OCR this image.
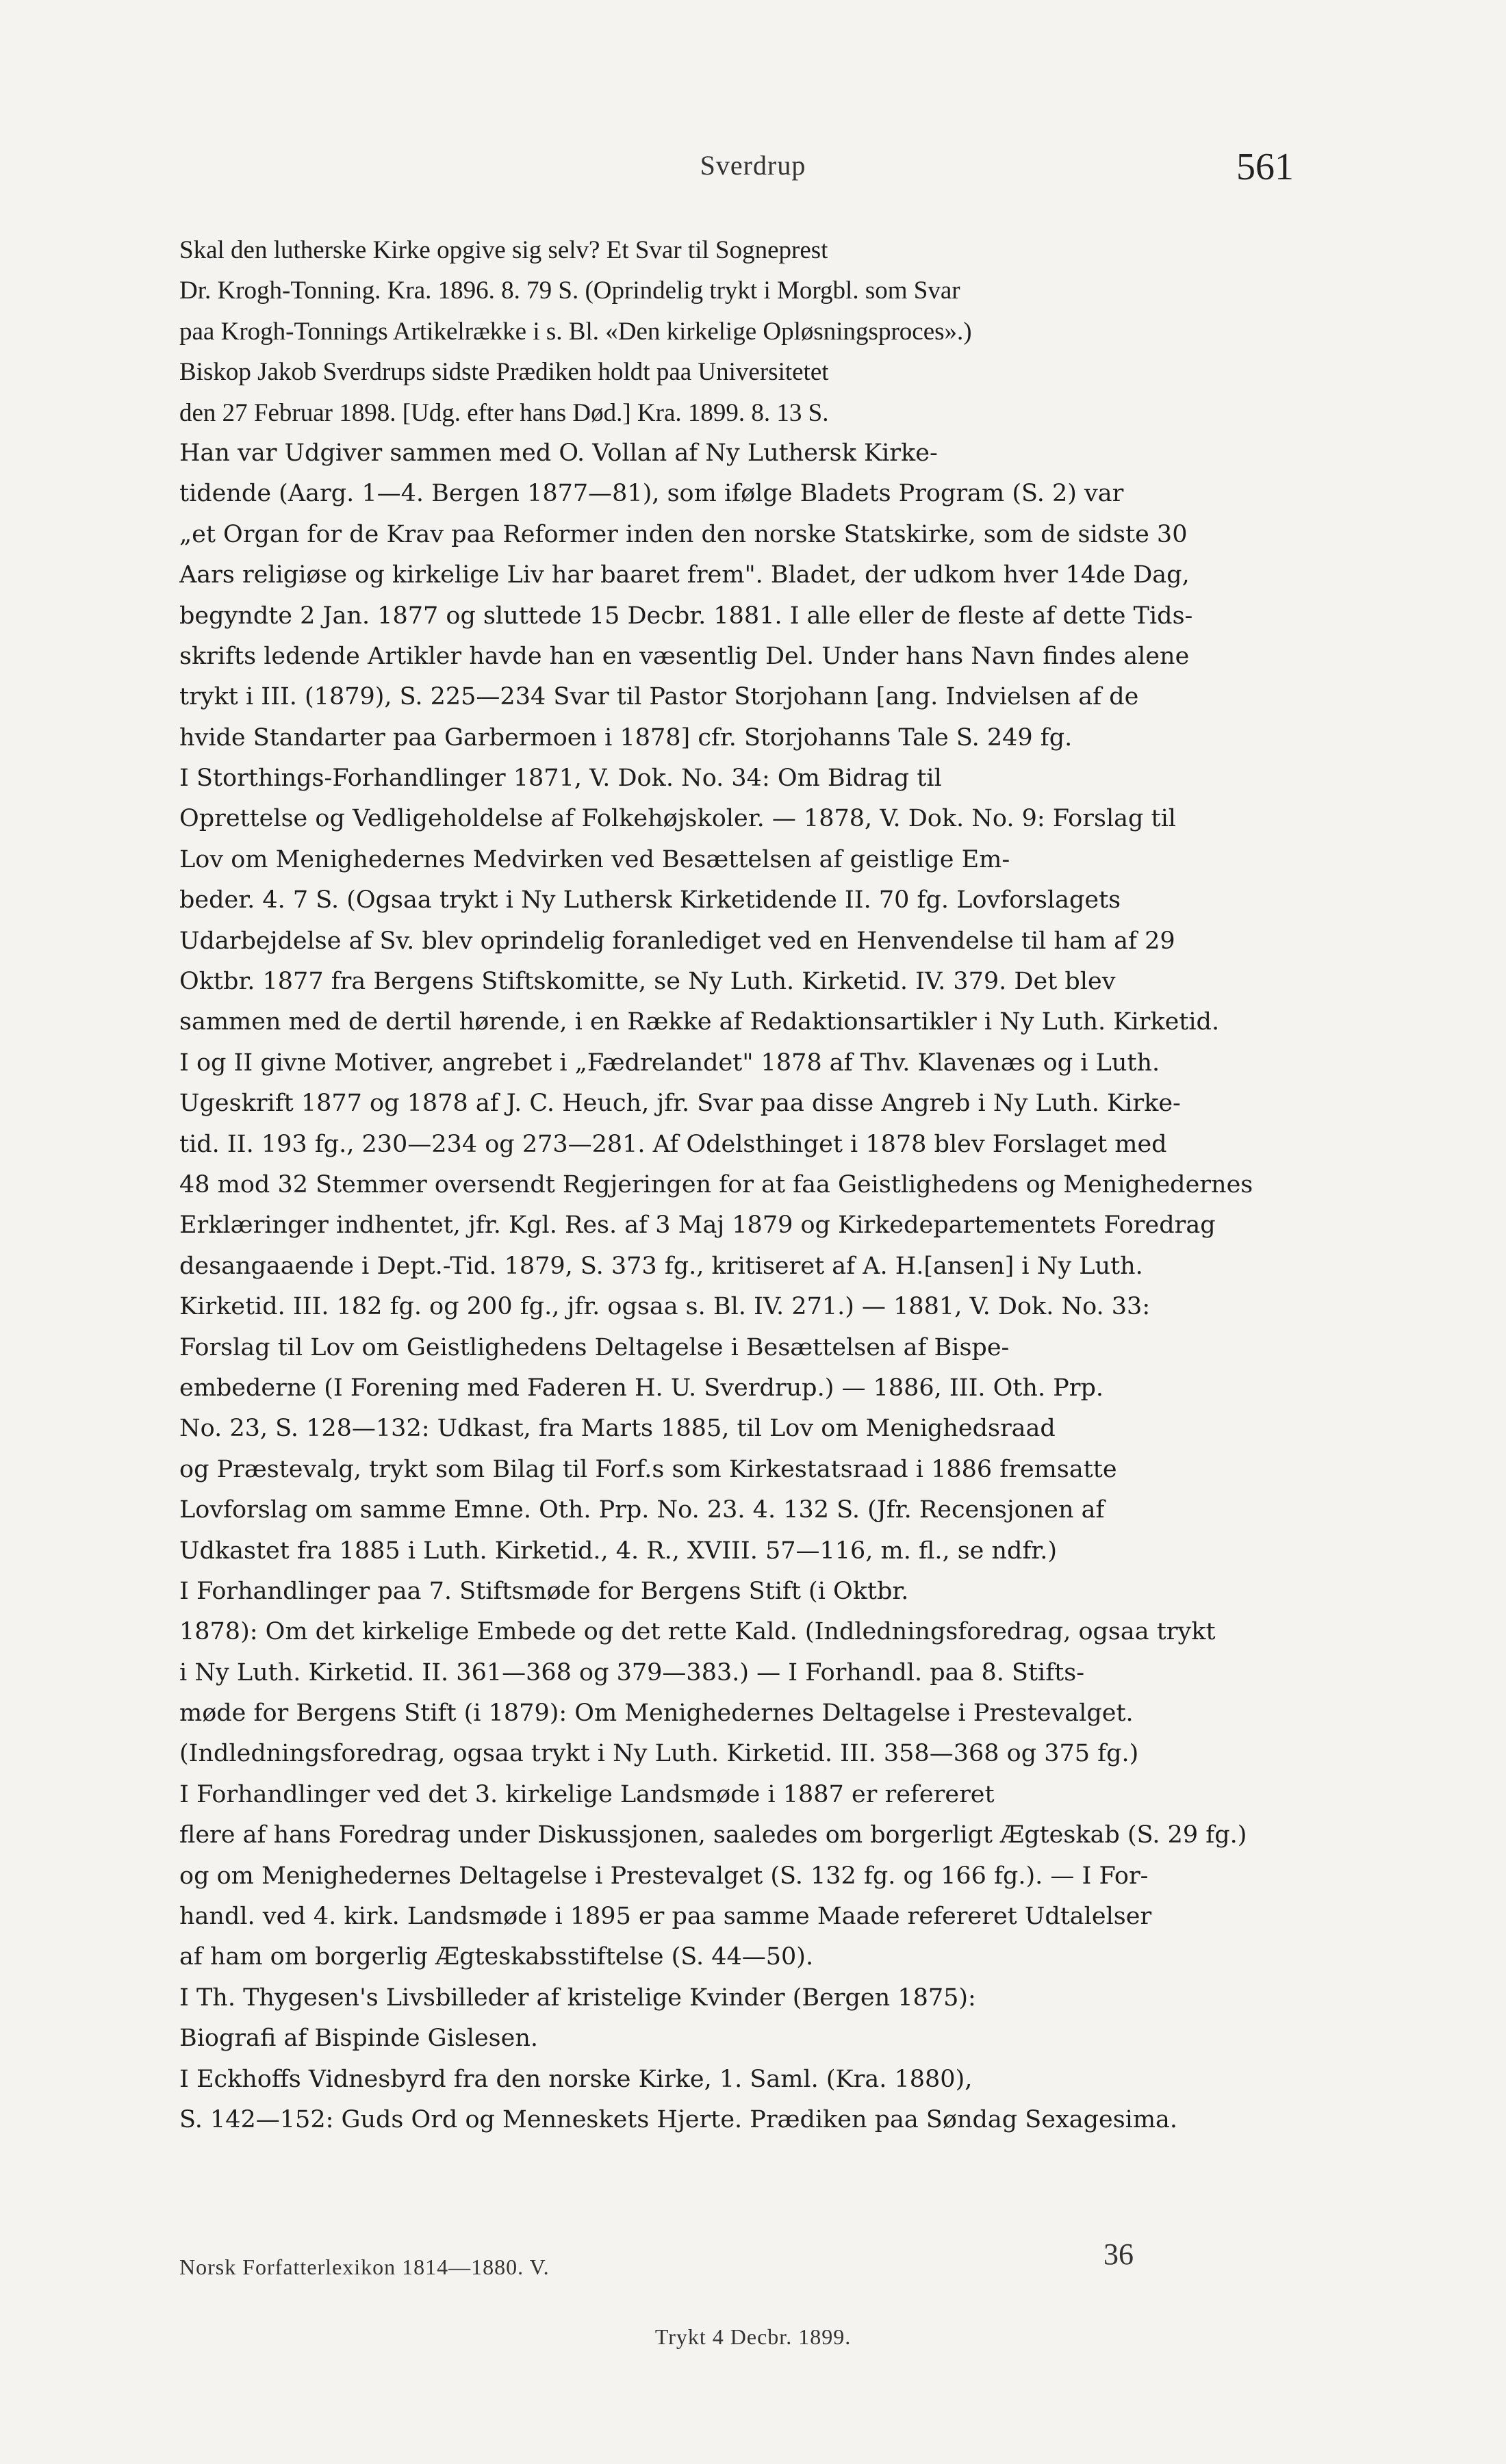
Sverdrup	561
Skal den lutherske Kirke opgive sig selv? Et Svar til Sogneprest
Dr. Krogh-Tonning. Kra. 1896. 8. 79 S. (Oprindelig trykt i Morgbl. som Svar
paa Krogh-Tonnings Artikelrække i s. Bl. «Den kirkelige Opløsningsproces».)
Biskop Jakob Sverdrups sidste Prædiken holdt paa Universitetet
den 27 Februar 1898. [Udg. efter hans Død.] Kra. 1899. 8. 13 S.
Han var Udgiver sammen med O. Vollan af Ny Luthersk Kirke-
tidende (Aarg. 1—4. Bergen 1877—81), som ifølge Bladets Program (S. 2) var
„et Organ for de Krav paa Reformer inden den norske Statskirke, som de sidste 30
Aars religiøse og kirkelige Liv har baaret frem". Bladet, der udkom hver 14de Dag,
begyndte 2 Jan. 1877 og sluttede 15 Decbr. 1881. I alle eller de fleste af dette Tids-
skrifts ledende Artikler havde han en væsentlig Del. Under hans Navn findes alene
trykt i III. (1879), S. 225—234 Svar til Pastor Storjohann [ang. Indvielsen af de
hvide Standarter paa Garbermoen i 1878] cfr. Storjohanns Tale S. 249 fg.
I Storthings-Forhandlinger 1871, V. Dok. No. 34: Om Bidrag til
Oprettelse og Vedligeholdelse af Folkehøjskoler. — 1878, V. Dok. No. 9: Forslag til
Lov om Menighedernes Medvirken ved Besættelsen af geistlige Em-
beder. 4. 7 S. (Ogsaa trykt i Ny Luthersk Kirketidende II. 70 fg. Lovforslagets
Udarbejdelse af Sv. blev oprindelig foranlediget ved en Henvendelse til ham af 29
Oktbr. 1877 fra Bergens Stiftskomitte, se Ny Luth. Kirketid. IV. 379. Det blev
sammen med de dertil hørende, i en Række af Redaktionsartikler i Ny Luth. Kirketid.
I og II givne Motiver, angrebet i „Fædrelandet" 1878 af Thv. Klavenæs og i Luth.
Ugeskrift 1877 og 1878 af J. C. Heuch, jfr. Svar paa disse Angreb i Ny Luth. Kirke-
tid. II. 193 fg., 230—234 og 273—281. Af Odelsthinget i 1878 blev Forslaget med
48 mod 32 Stemmer oversendt Regjeringen for at faa Geistlighedens og Menighedernes
Erklæringer indhentet, jfr. Kgl. Res. af 3 Maj 1879 og Kirkedepartementets Foredrag
desangaaende i Dept.-Tid. 1879, S. 373 fg., kritiseret af A. H.[ansen] i Ny Luth.
Kirketid. III. 182 fg. og 200 fg., jfr. ogsaa s. Bl. IV. 271.) — 1881, V. Dok. No. 33:
Forslag til Lov om Geistlighedens Deltagelse i Besættelsen af Bispe-
embederne (I Forening med Faderen H. U. Sverdrup.) — 1886, III. Oth. Prp.
No. 23, S. 128—132: Udkast, fra Marts 1885, til Lov om Menighedsraad
og Præstevalg, trykt som Bilag til Forf.s som Kirkestatsraad i 1886 fremsatte
Lovforslag om samme Emne. Oth. Prp. No. 23. 4. 132 S. (Jfr. Recensjonen af
Udkastet fra 1885 i Luth. Kirketid., 4. R., XVIII. 57—116, m. fl., se ndfr.)
I Forhandlinger paa 7. Stiftsmøde for Bergens Stift (i Oktbr.
1878): Om det kirkelige Embede og det rette Kald. (Indledningsforedrag, ogsaa trykt
i Ny Luth. Kirketid. II. 361—368 og 379—383.) — I Forhandl. paa 8. Stifts-
møde for Bergens Stift (i 1879): Om Menighedernes Deltagelse i Prestevalget.
(Indledningsforedrag, ogsaa trykt i Ny Luth. Kirketid. III. 358—368 og 375 fg.)
I Forhandlinger ved det 3. kirkelige Landsmøde i 1887 er refereret
flere af hans Foredrag under Diskussjonen, saaledes om borgerligt Ægteskab (S. 29 fg.)
og om Menighedernes Deltagelse i Prestevalget (S. 132 fg. og 166 fg.). — I For-
handl. ved 4. kirk. Landsmøde i 1895 er paa samme Maade refereret Udtalelser
af ham om borgerlig Ægteskabsstiftelse (S. 44—50).
I Th. Thygesen's Livsbilleder af kristelige Kvinder (Bergen 1875):
Biografi af Bispinde Gislesen.
I Eckhoffs Vidnesbyrd fra den norske Kirke, 1. Saml. (Kra. 1880),
S. 142—152: Guds Ord og Menneskets Hjerte. Prædiken paa Søndag Sexagesima.
Norsk Forfatterlexikon 1814—1880. V.	36
Trykt 4 Decbr. 1899.
